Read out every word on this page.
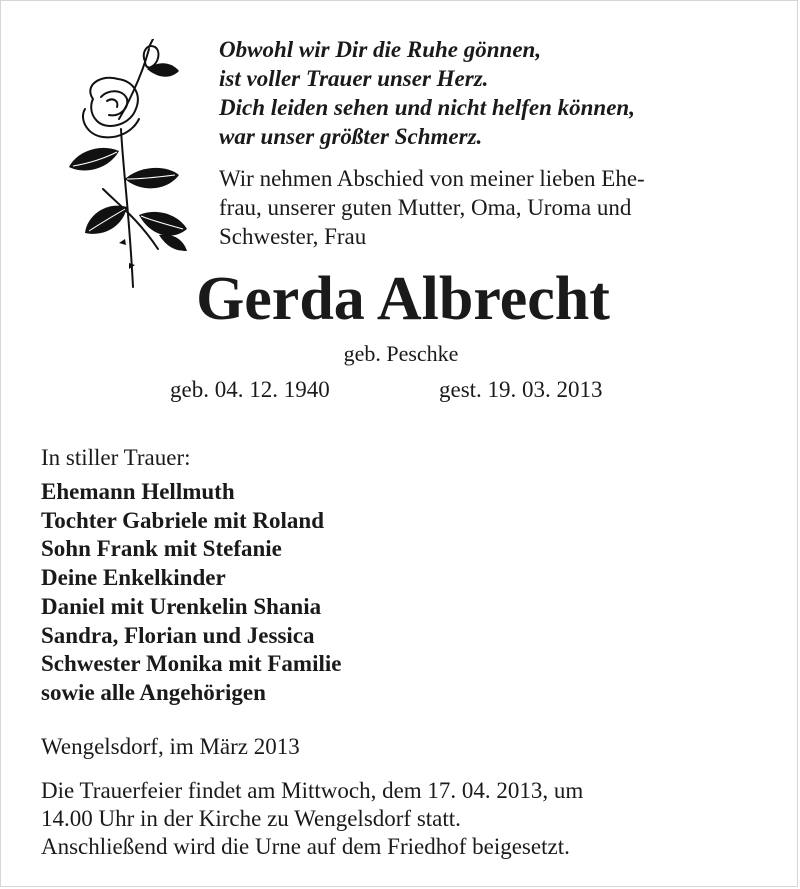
Obwohl wir Dir die Ruhe gönnen,
ist voller Trauer unser Herz.
Dich leiden sehen und nicht helfen können,
war unser größter Schmerz.
Wir nehmen Abschied von meiner lieben Ehe-
frau, unserer guten Mutter, Oma, Uroma und
Schwester, Frau
Gerda Albrecht
geb. Peschke
geb. 04. 12. 1940	gest. 19. 03. 2013
In stiller Trauer:
Ehemann Hellmuth
Tochter Gabriele mit Roland
Sohn Frank mit Stefanie
Deine Enkelkinder
Daniel mit Urenkelin Shania
Sandra, Florian und Jessica
Schwester Monika mit Familie
sowie alle Angehörigen
Wengelsdorf, im März 2013
Die Trauerfeier findet am Mittwoch, dem 17. 04. 2013, um
14.00 Uhr in der Kirche zu Wengelsdorf statt.
Anschließend wird die Urne auf dem Friedhof beigesetzt.
